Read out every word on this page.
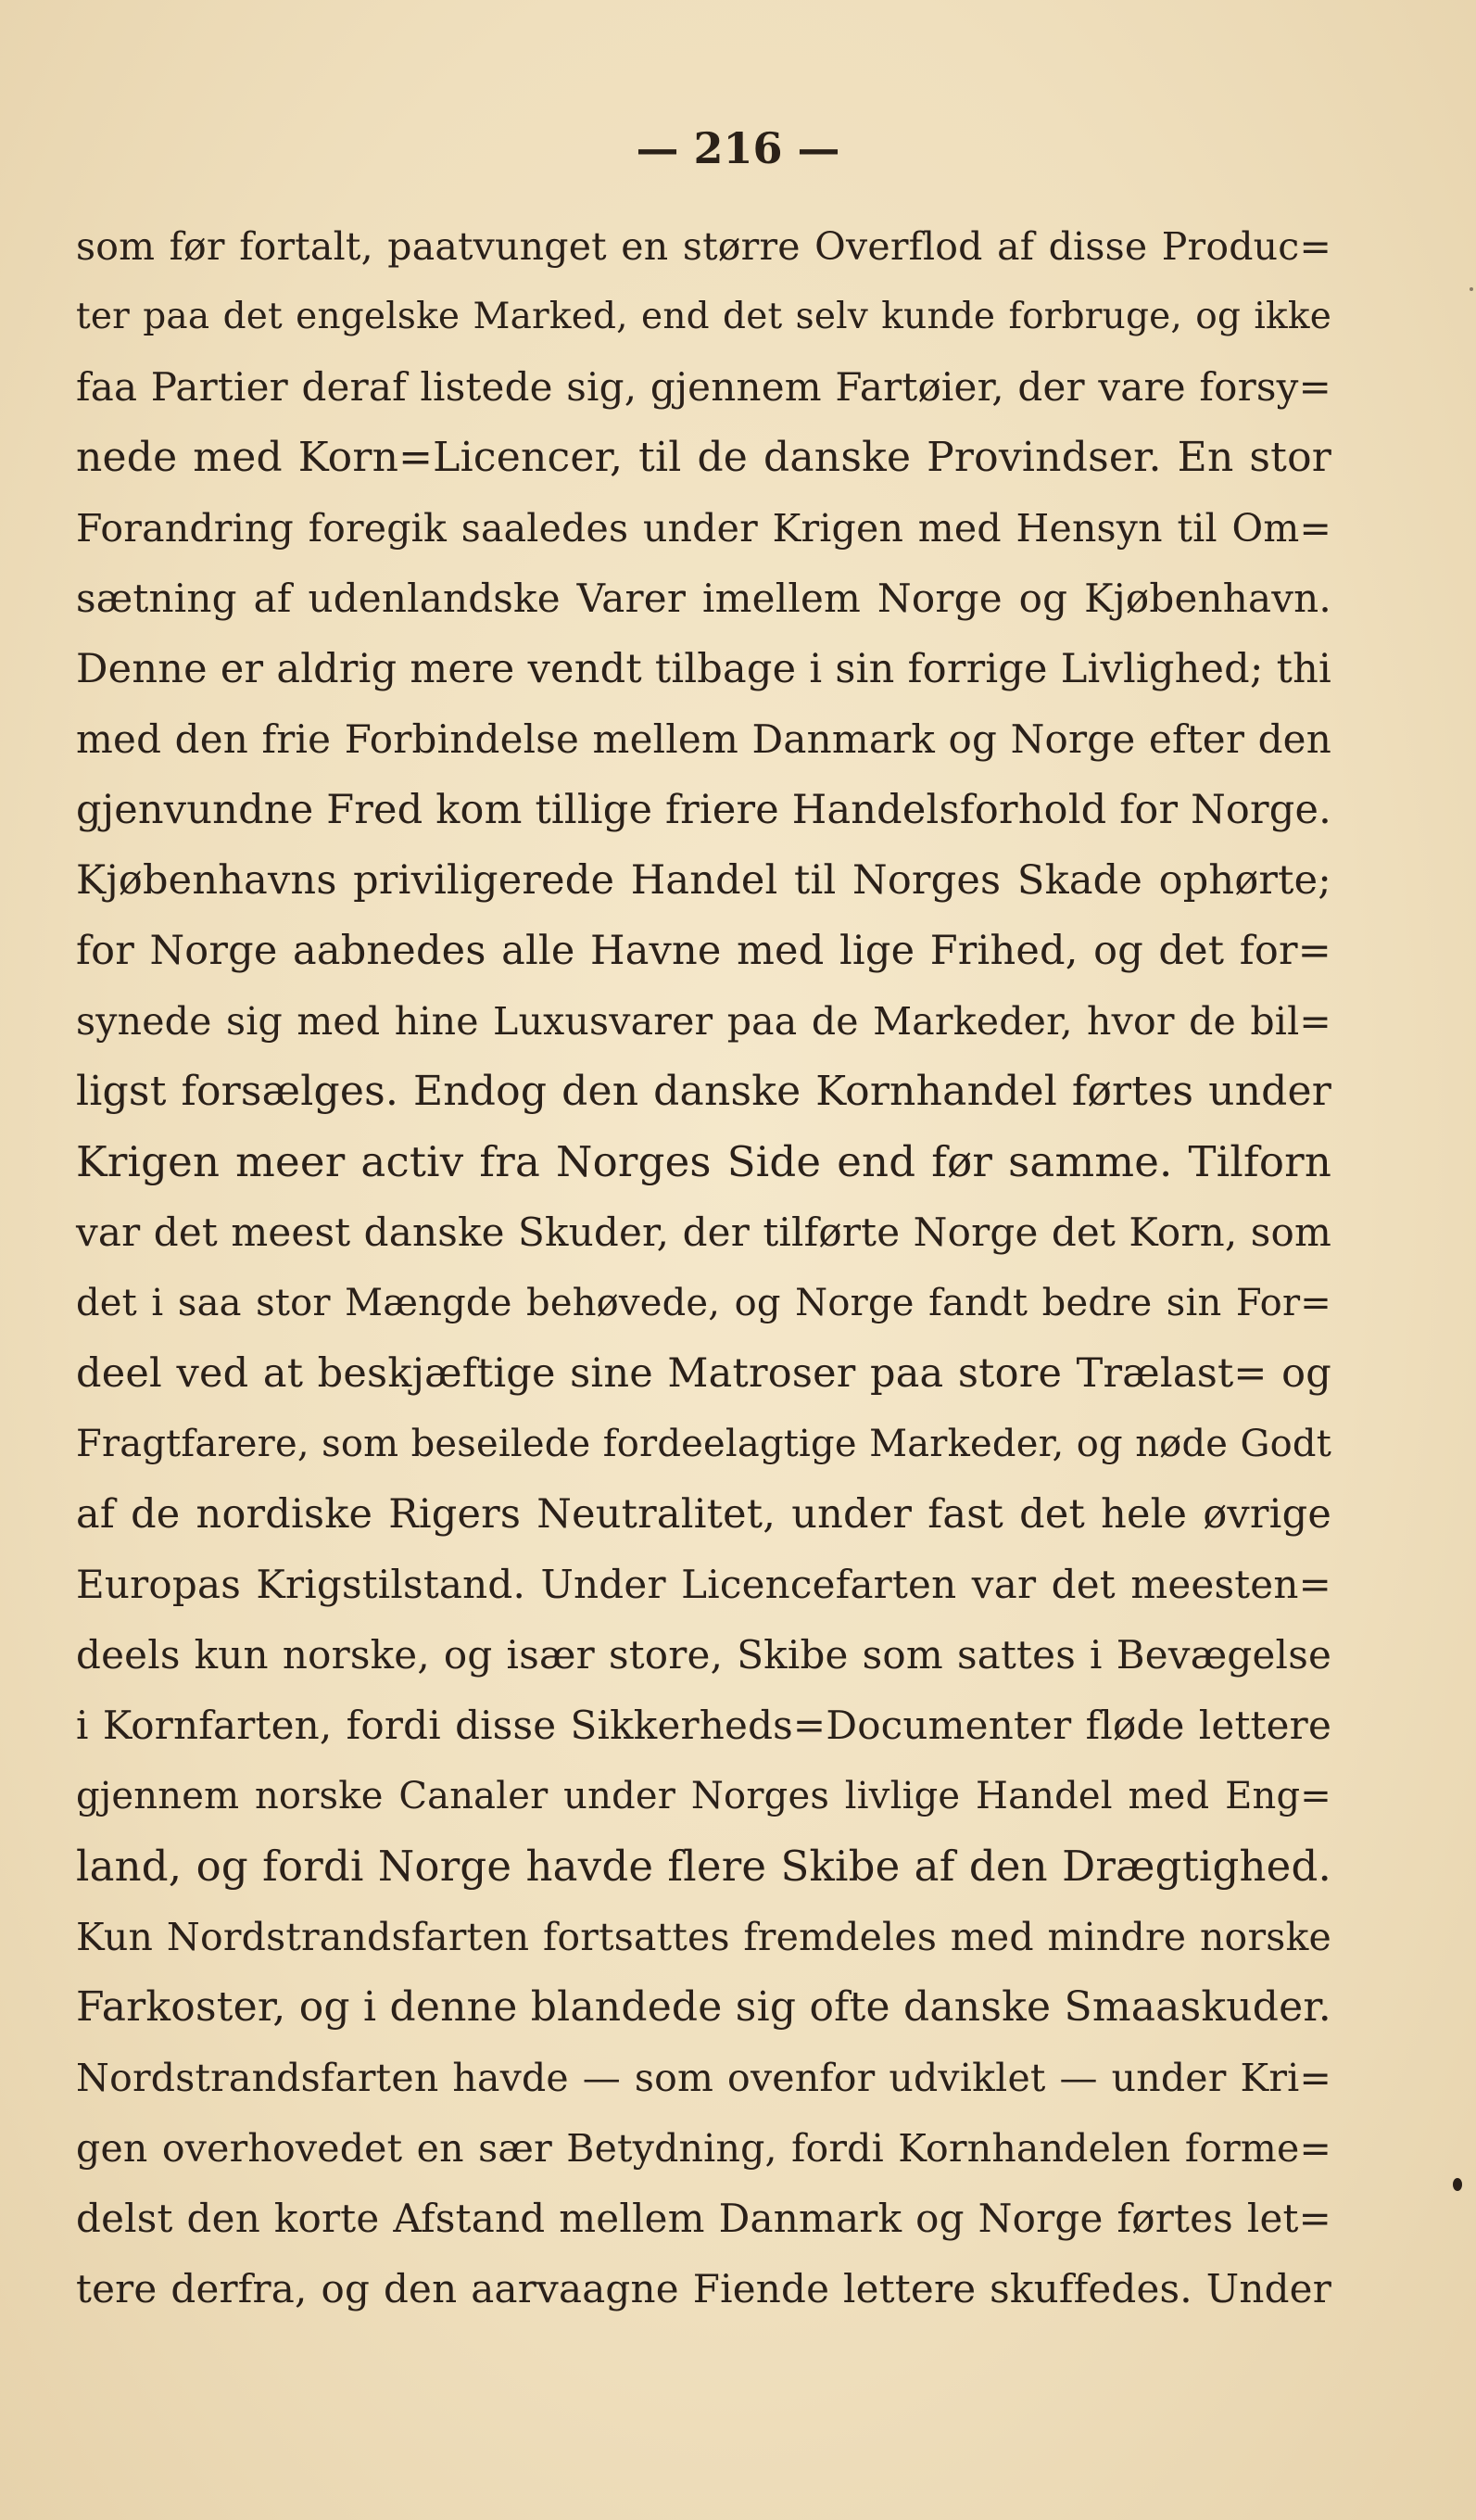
— 216 —
som før fortalt, paatvunget en større Overflod af disse Produc=
ter paa det engelske Marked, end det selv kunde forbruge, og ikke
faa Partier deraf listede sig, gjennem Fartøier, der vare forsy=
nede med Korn=Licencer, til de danske Provindser. En stor
Forandring foregik saaledes under Krigen med Hensyn til Om=
sætning af udenlandske Varer imellem Norge og Kjøbenhavn.
Denne er aldrig mere vendt tilbage i sin forrige Livlighed; thi
med den frie Forbindelse mellem Danmark og Norge efter den
gjenvundne Fred kom tillige friere Handelsforhold for Norge.
Kjøbenhavns priviligerede Handel til Norges Skade ophørte;
for Norge aabnedes alle Havne med lige Frihed, og det for=
synede sig med hine Luxusvarer paa de Markeder, hvor de bil=
ligst forsælges. Endog den danske Kornhandel førtes under
Krigen meer activ fra Norges Side end før samme. Tilforn
var det meest danske Skuder, der tilførte Norge det Korn, som
det i saa stor Mængde behøvede, og Norge fandt bedre sin For=
deel ved at beskjæftige sine Matroser paa store Trælast= og
Fragtfarere, som beseilede fordeelagtige Markeder, og nøde Godt
af de nordiske Rigers Neutralitet, under fast det hele øvrige
Europas Krigstilstand. Under Licencefarten var det meesten=
deels kun norske, og især store, Skibe som sattes i Bevægelse
i Kornfarten, fordi disse Sikkerheds=Documenter fløde lettere
gjennem norske Canaler under Norges livlige Handel med Eng=
land, og fordi Norge havde flere Skibe af den Drægtighed.
Kun Nordstrandsfarten fortsattes fremdeles med mindre norske
Farkoster, og i denne blandede sig ofte danske Smaaskuder.
Nordstrandsfarten havde — som ovenfor udviklet — under Kri=
gen overhovedet en sær Betydning, fordi Kornhandelen forme=
delst den korte Afstand mellem Danmark og Norge førtes let=
tere derfra, og den aarvaagne Fiende lettere skuffedes. Under
